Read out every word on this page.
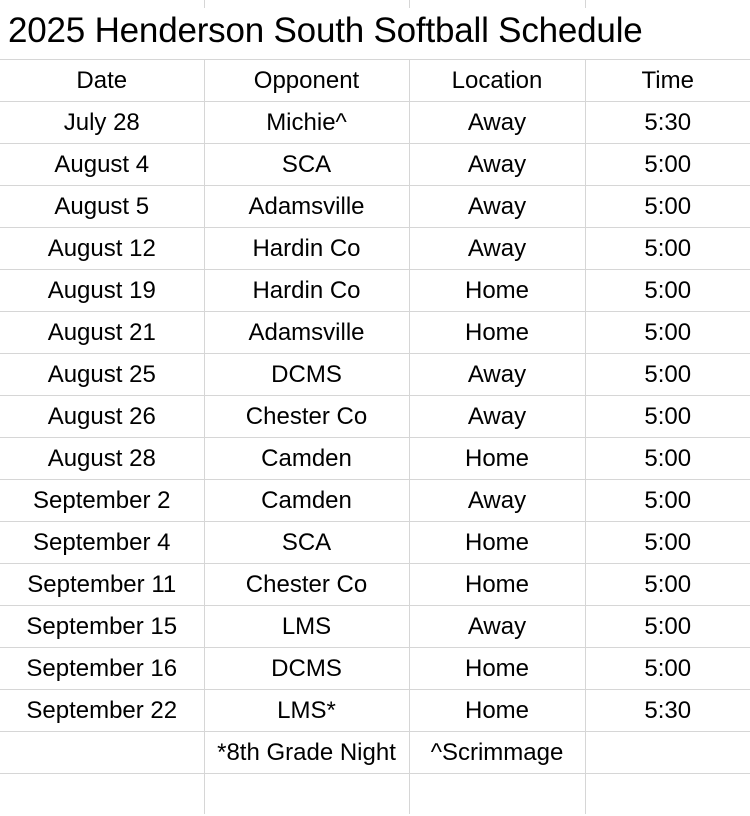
2025 Henderson South Softball Schedule
Date	Opponent	Location	Time
July 28	Michie^	Away	5:30
August 4	SCA	Away	5:00
August 5	Adamsville	Away	5:00
August 12	Hardin Co	Away	5:00
August 19	Hardin Co	Home	5:00
August 21	Adamsville	Home	5:00
August 25	DCMS	Away	5:00
August 26	Chester Co	Away	5:00
August 28	Camden	Home	5:00
September 2	Camden	Away	5:00
September 4	SCA	Home	5:00
September 11	Chester Co	Home	5:00
September 15	LMS	Away	5:00
September 16	DCMS	Home	5:00
September 22	LMS*	Home	5:30
	*8th Grade Night	^Scrimmage	
